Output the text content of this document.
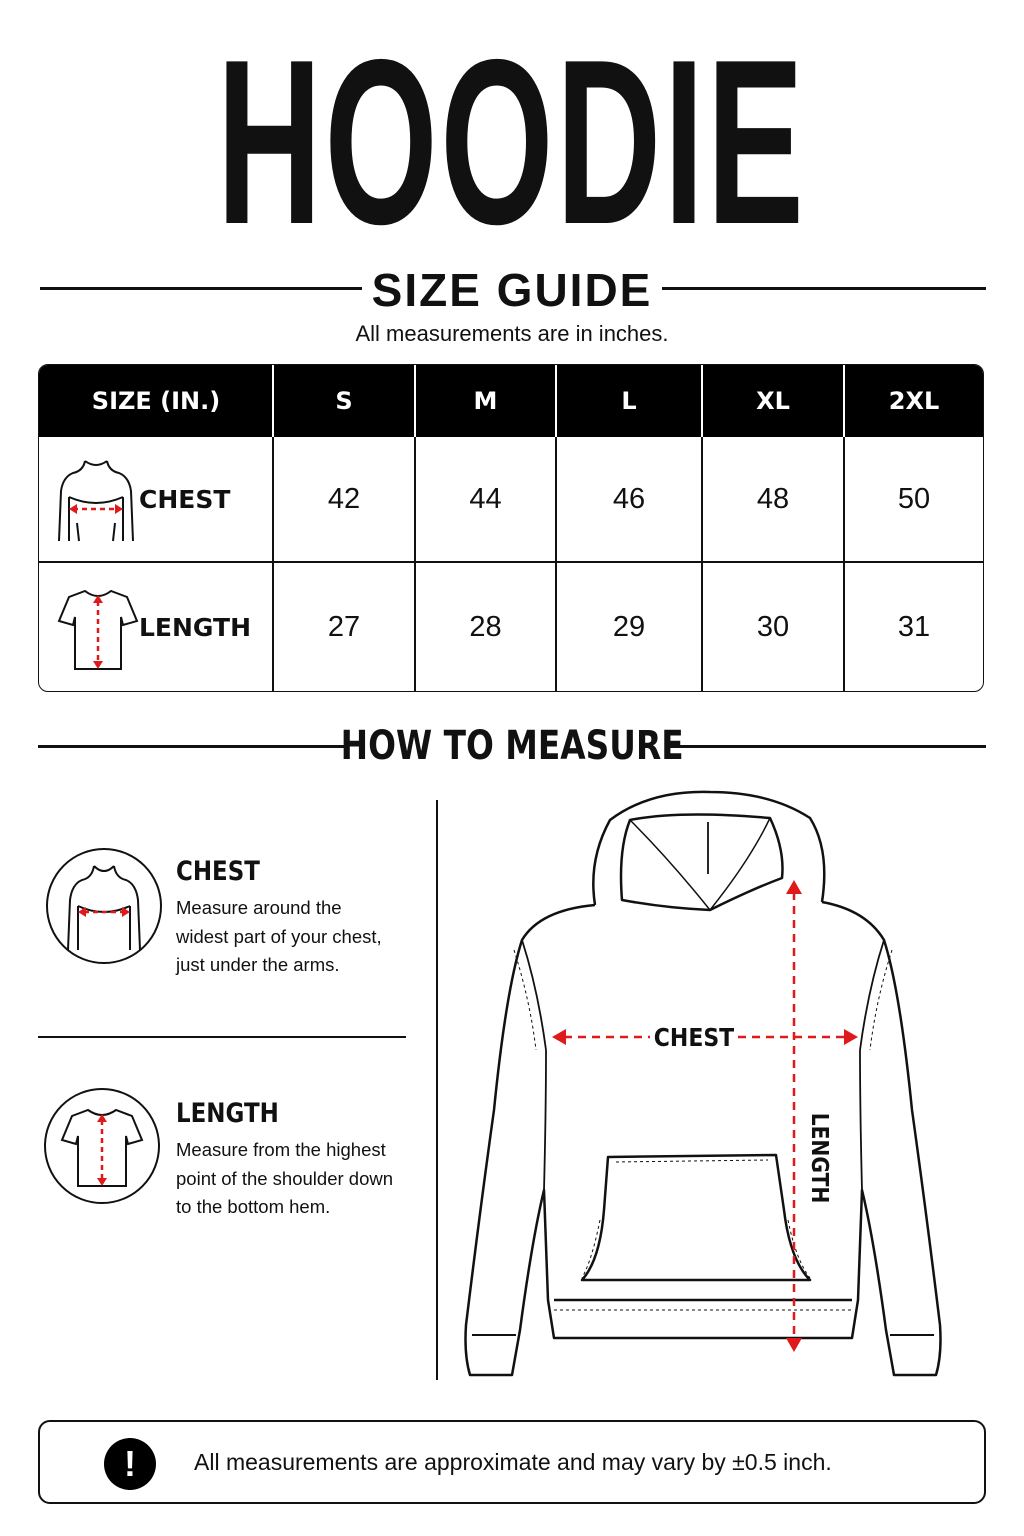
HOODIE
SIZE GUIDE
All measurements are in inches.
SIZE (IN.)	S	M	L	XL	2XL
CHEST	42	44	46	48	50
LENGTH	27	28	29	30	31
HOW TO MEASURE
CHEST
Measure around the
widest part of your chest,
just under the arms.
LENGTH
Measure from the highest
point of the shoulder down
to the bottom hem.
CHEST
LENGTH
!	All measurements are approximate and may vary by ±0.5 inch.
